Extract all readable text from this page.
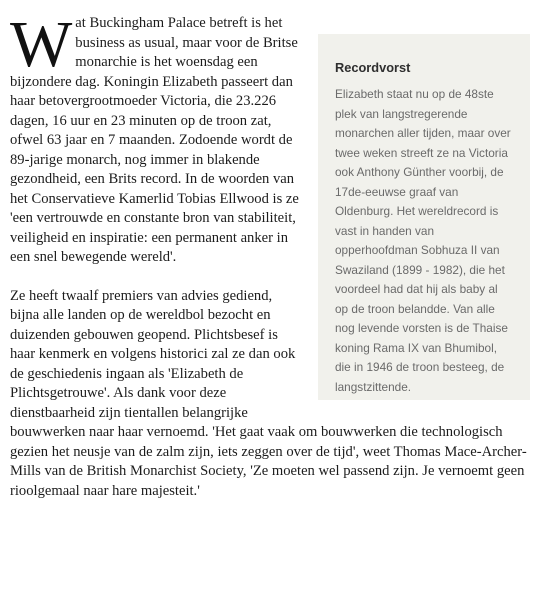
Recordvorst

Elizabeth staat nu op de 48ste plek van langstregerende monarchen aller tijden, maar over twee weken streeft ze na Victoria ook Anthony Günther voorbij, de 17de-eeuwse graaf van Oldenburg. Het wereldrecord is vast in handen van opperhoofdman Sobhuza II van Swaziland (1899 - 1982), die het voordeel had dat hij als baby al op de troon belandde. Van alle nog levende vorsten is de Thaise koning Rama IX van Bhumibol, die in 1946 de troon besteeg, de langstzittende.

Wat Buckingham Palace betreft is het business as usual, maar voor de Britse monarchie is het woensdag een bijzondere dag. Koningin Elizabeth passeert dan haar betovergrootmoeder Victoria, die 23.226 dagen, 16 uur en 23 minuten op de troon zat, ofwel 63 jaar en 7 maanden. Zodoende wordt de 89-jarige monarch, nog immer in blakende gezondheid, een Brits record. In de woorden van het Conservatieve Kamerlid Tobias Ellwood is ze 'een vertrouwde en constante bron van stabiliteit, veiligheid en inspiratie: een permanent anker in een snel bewegende wereld'.

Ze heeft twaalf premiers van advies gediend, bijna alle landen op de wereldbol bezocht en duizenden gebouwen geopend. Plichtsbesef is haar kenmerk en volgens historici zal ze dan ook de geschiedenis ingaan als 'Elizabeth de Plichtsgetrouwe'. Als dank voor deze dienstbaarheid zijn tientallen belangrijke bouwwerken naar haar vernoemd. 'Het gaat vaak om bouwwerken die technologisch gezien het neusje van de zalm zijn, iets zeggen over de tijd', weet Thomas Mace-Archer-Mills van de British Monarchist Society, 'Ze moeten wel passend zijn. Je vernoemt geen rioolgemaal naar hare majesteit.'
